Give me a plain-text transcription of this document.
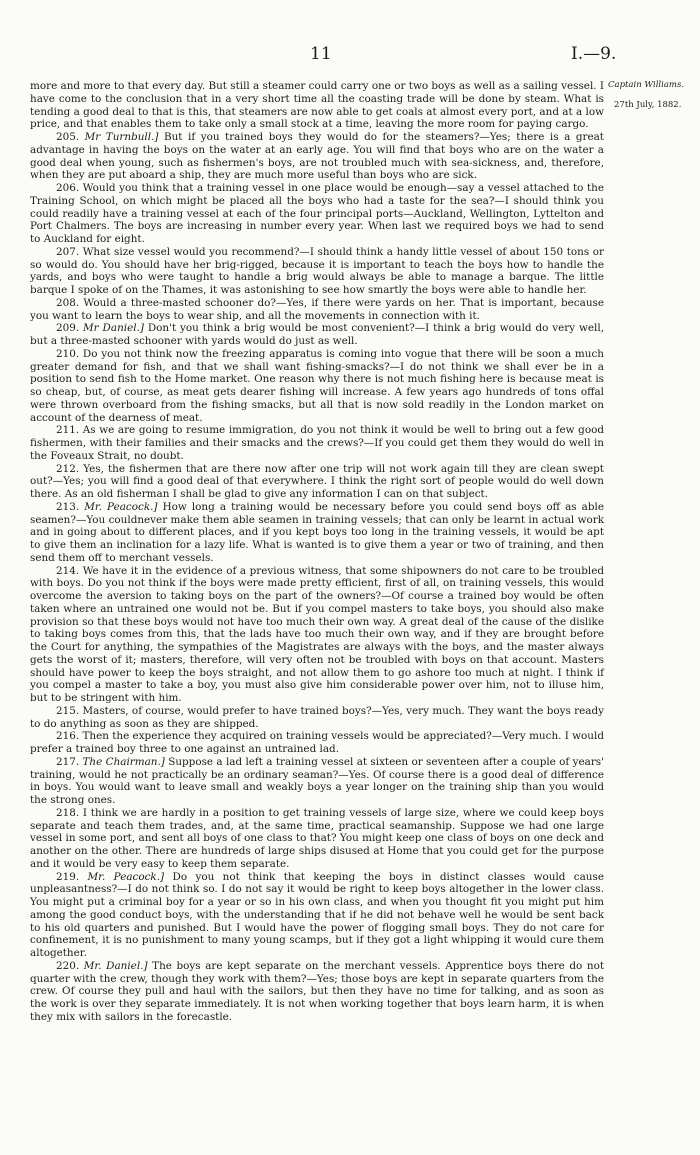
11	I.—9.
Captain Williams.
27th July, 1882.

more and more to that every day. But still a steamer could carry one or two boys as well as a sailing vessel. I have come to the conclusion that in a very short time all the coasting trade will be done by steam. What is tending a good deal to that is this, that steamers are now able to get coals at almost every port, and at a low price, and that enables them to take only a small stock at a time, leaving the more room for paying cargo.

205. Mr Turnbull.] But if you trained boys they would do for the steamers?—Yes; there is a great advantage in having the boys on the water at an early age. You will find that boys who are on the water a good deal when young, such as fishermen's boys, are not troubled much with sea-sickness, and, therefore, when they are put aboard a ship, they are much more useful than boys who are sick.

206. Would you think that a training vessel in one place would be enough—say a vessel attached to the Training School, on which might be placed all the boys who had a taste for the sea?—I should think you could readily have a training vessel at each of the four principal ports—Auckland, Wellington, Lyttelton and Port Chalmers. The boys are increasing in number every year. When last we required boys we had to send to Auckland for eight.

207. What size vessel would you recommend?—I should think a handy little vessel of about 150 tons or so would do. You should have her brig-rigged, because it is important to teach the boys how to handle the yards, and boys who were taught to handle a brig would always be able to manage a barque. The little barque I spoke of on the Thames, it was astonishing to see how smartly the boys were able to handle her.

208. Would a three-masted schooner do?—Yes, if there were yards on her. That is important, because you want to learn the boys to wear ship, and all the movements in connection with it.

209. Mr Daniel.] Don't you think a brig would be most convenient?—I think a brig would do very well, but a three-masted schooner with yards would do just as well.

210. Do you not think now the freezing apparatus is coming into vogue that there will be soon a much greater demand for fish, and that we shall want fishing-smacks?—I do not think we shall ever be in a position to send fish to the Home market. One reason why there is not much fishing here is because meat is so cheap, but, of course, as meat gets dearer fishing will increase. A few years ago hundreds of tons offal were thrown overboard from the fishing smacks, but all that is now sold readily in the London market on account of the dearness of meat.

211. As we are going to resume immigration, do you not think it would be well to bring out a few good fishermen, with their families and their smacks and the crews?—If you could get them they would do well in the Foveaux Strait, no doubt.

212. Yes, the fishermen that are there now after one trip will not work again till they are clean swept out?—Yes; you will find a good deal of that everywhere. I think the right sort of people would do well down there. As an old fisherman I shall be glad to give any information I can on that subject.

213. Mr. Peacock.] How long a training would be necessary before you could send boys off as able seamen?—You couldnever make them able seamen in training vessels; that can only be learnt in actual work and in going about to different places, and if you kept boys too long in the training vessels, it would be apt to give them an inclination for a lazy life. What is wanted is to give them a year or two of training, and then send them off to merchant vessels.

214. We have it in the evidence of a previous witness, that some shipowners do not care to be troubled with boys. Do you not think if the boys were made pretty efficient, first of all, on training vessels, this would overcome the aversion to taking boys on the part of the owners?—Of course a trained boy would be often taken where an untrained one would not be. But if you compel masters to take boys, you should also make provision so that these boys would not have too much their own way. A great deal of the cause of the dislike to taking boys comes from this, that the lads have too much their own way, and if they are brought before the Court for anything, the sympathies of the Magistrates are always with the boys, and the master always gets the worst of it; masters, therefore, will very often not be troubled with boys on that account. Masters should have power to keep the boys straight, and not allow them to go ashore too much at night. I think if you compel a master to take a boy, you must also give him considerable power over him, not to illuse him, but to be stringent with him.

215. Masters, of course, would prefer to have trained boys?—Yes, very much. They want the boys ready to do anything as soon as they are shipped.

216. Then the experience they acquired on training vessels would be appreciated?—Very much. I would prefer a trained boy three to one against an untrained lad.

217. The Chairman.] Suppose a lad left a training vessel at sixteen or seventeen after a couple of years' training, would he not practically be an ordinary seaman?—Yes. Of course there is a good deal of difference in boys. You would want to leave small and weakly boys a year longer on the training ship than you would the strong ones.

218. I think we are hardly in a position to get training vessels of large size, where we could keep boys separate and teach them trades, and, at the same time, practical seamanship. Suppose we had one large vessel in some port, and sent all boys of one class to that? You might keep one class of boys on one deck and another on the other. There are hundreds of large ships disused at Home that you could get for the purpose and it would be very easy to keep them separate.

219. Mr. Peacock.] Do you not think that keeping the boys in distinct classes would cause unpleasantness?—I do not think so. I do not say it would be right to keep boys altogether in the lower class. You might put a criminal boy for a year or so in his own class, and when you thought fit you might put him among the good conduct boys, with the understanding that if he did not behave well he would be sent back to his old quarters and punished. But I would have the power of flogging small boys. They do not care for confinement, it is no punishment to many young scamps, but if they got a light whipping it would cure them altogether.

220. Mr. Daniel.] The boys are kept separate on the merchant vessels. Apprentice boys there do not quarter with the crew, though they work with them?—Yes; those boys are kept in separate quarters from the crew. Of course they pull and haul with the sailors, but then they have no time for talking, and as soon as the work is over they separate immediately. It is not when working together that boys learn harm, it is when they mix with sailors in the forecastle.
